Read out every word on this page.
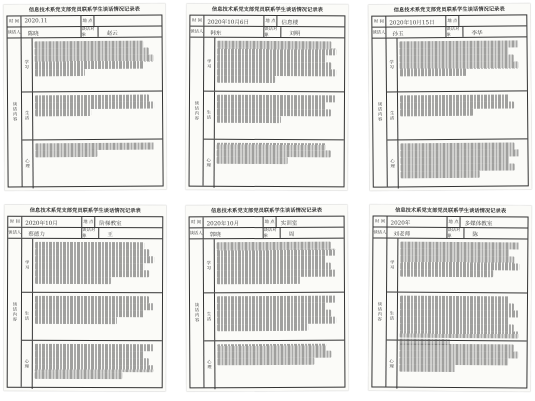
信息技术系党支部党员联系学生谈话情况记录表
时 间 2020.11	地 点
谈话人 陈晓
谈话对象	赵云
谈话内容
学习
生活
心理
信息技术系党支部党员联系学生谈话情况记录表
时 间 2020年10月6日	地 点	信息楼
谈话人 韩东
谈话对象	刘明
谈话内容
学习
生活
心理
信息技术系党支部党员联系学生谈话情况记录表
时 间 2020年10月15日	地 点
谈话人 孙玉
谈话对象	李华
谈话内容
学习
生活
心理
信息技术系党支部党员联系学生谈话情况记录表
时 间 2020年10月	地 点	阶梯教室
谈话人 蔡德力
谈话对象	王
谈话内容
学习
生活
心理
信息技术系党支部党员联系学生谈话情况记录表
时 间 2020年10月	地 点	实训室
谈话人 郭晓
谈话对象	周
谈话内容
学习
生活
心理
信息技术系党支部党员联系学生谈话情况记录表
时 间 2020年	地 点	多媒体教室
谈话人 刘老师
谈话对象	陈
谈话内容
学习
生活
心理
